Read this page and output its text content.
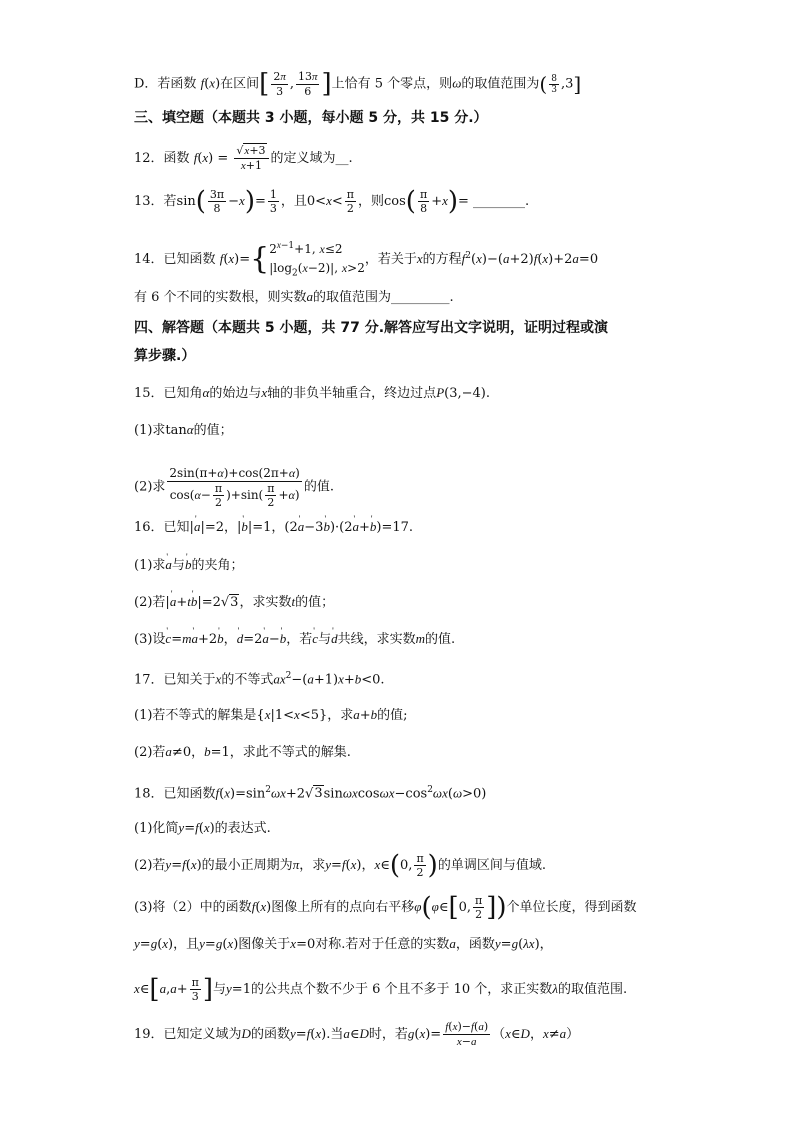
D．若函数 f(x)在区间[ $\frac{2\pi}{3}$ , $\frac{13\pi}{6}$ ]上恰有 5 个零点，则ω的取值范围为( $\frac{8}{3} ,3$]
三、填空题（本题共 3 小题，每小题 5 分，共 15 分.）
12．函数 $f(x) = \frac{√x+3}{x+1}$ 的定义域为__.
13．若$\sin( \frac{3\pi}{8} -x)= \frac{1}{3}$ ，且$0<x< \frac{\pi}{2}$ ，则$\cos( \frac{\pi}{8} +x)=$ ________.
14．已知函数 f(x)={ $2^{x-1}+1$, x≤2
$|\log_2(x-2)|$, x>2
，若关于x的方程$f^2(x)-(a+2)f(x)+2a=0$
有 6 个不同的实数根，则实数a的取值范围为_________.
四、解答题（本题共 5 小题，共 77 分.解答应写出文字说明，证明过程或演
算步骤.）
15．已知角α的始边与x轴的非负半轴重合，终边过点P(3,−4).
(1)求tanα的值；
(2)求 $\frac{2\sin(\pi+\alpha)+\cos(2\pi+\alpha)}{\cos(\alpha- \frac{\pi}{2} )+\sin( \frac{\pi}{2} +\alpha)}$ 的值.
16．已知|' a|=2，|' b|=1，(2' a−3' b)·(2' a+' b)=17.
(1)求' a与' b的夹角；
(2)若|' a+t' b|=2√3，求实数t的值；
(3)设' c=m' a+2' b，' d=2' a−' b，若' c与' d共线，求实数m的值.
17．已知关于x的不等式$ax^2-(a+1)x+b<0$.
(1)若不等式的解集是{x|1<x<5}，求a+b的值;
(2)若a≠0，b=1，求此不等式的解集.
18．已知函数$f(x)=\sin^2\omega x+2√3\sin\omega xcos\omega x-\cos^2\omega x(\omega>0)$
(1)化简y=f(x)的表达式.
(2)若y=f(x)的最小正周期为π，求y=f(x)，x∈(0, $\frac{\pi}{2}$ )的单调区间与值域.
(3)将（2）中的函数f(x)图像上所有的点向右平移φ(φ∈[0, $\frac{\pi}{2}$ ])个单位长度，得到函数
y=g(x)，且y=g(x)图像关于x=0对称.若对于任意的实数a，函数y=g(λx)，
x∈[a,a+ $\frac{\pi}{3}$ ]与y=1的公共点个数不少于 6 个且不多于 10 个，求正实数λ的取值范围.
19．已知定义域为D的函数y=f(x).当a∈D时，若$g(x)= \frac{f(x)-f(a)}{x-a}$ （x∈D，x≠a）
